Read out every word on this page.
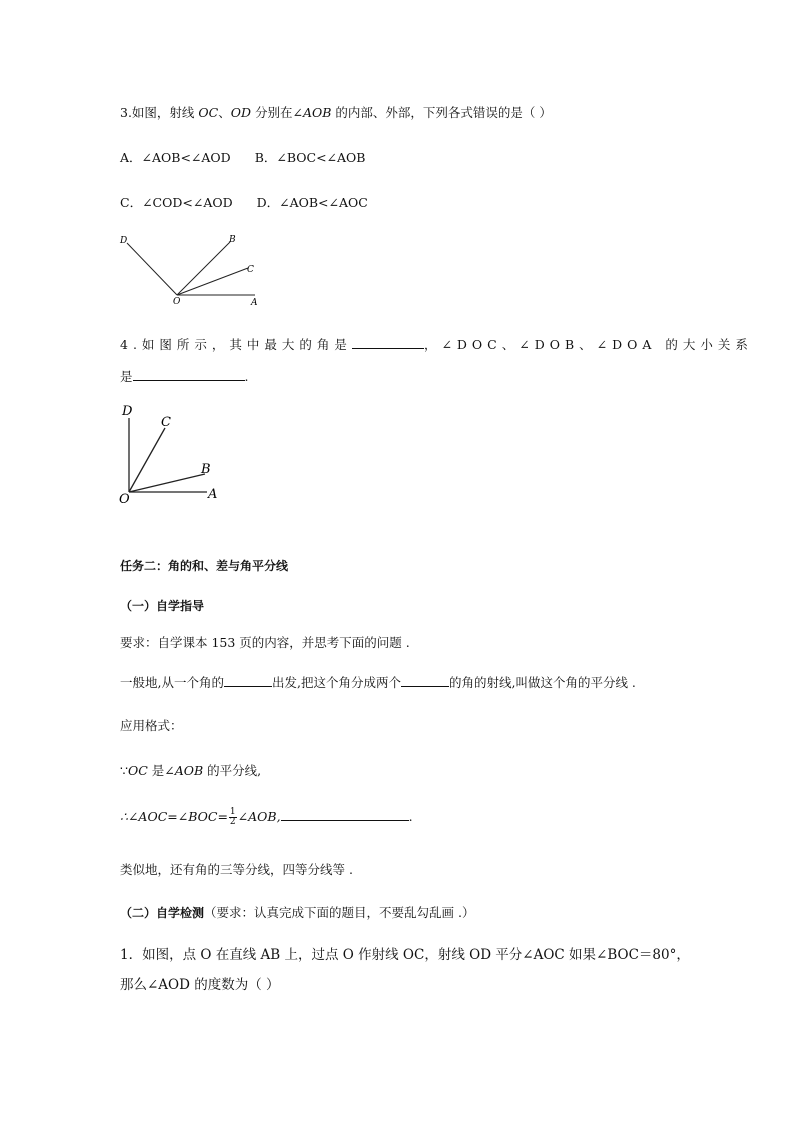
3.如图，射线 OC、OD 分别在∠AOB 的内部、外部，下列各式错误的是（ ）
A．∠AOB<∠AOD B．∠BOC<∠AOB
C．∠COD<∠AOD D．∠AOB<∠AOC
D	B
C
O	A
4.如图所示，其中最大的角是	，∠DOC、∠DOB、∠DOA 的大小关系
是	.
D
C
B
O	A
任务二：角的和、差与角平分线
（一）自学指导
要求：自学课本 153 页的内容，并思考下面的问题 .
一般地,从一个角的	出发,把这个角分成两个	的角的射线,叫做这个角的平分线 .
应用格式：
∵OC 是∠AOB 的平分线,
∴∠AOC=∠BOC= $\frac{1}{2}$ ∠AOB,	.
类似地，还有角的三等分线，四等分线等 .
（二）自学检测（要求：认真完成下面的题目，不要乱勾乱画 .）
1．如图，点 O 在直线 AB 上，过点 O 作射线 OC，射线 OD 平分∠AOC 如果∠BOC＝80°，
那么∠AOD 的度数为（ ）
